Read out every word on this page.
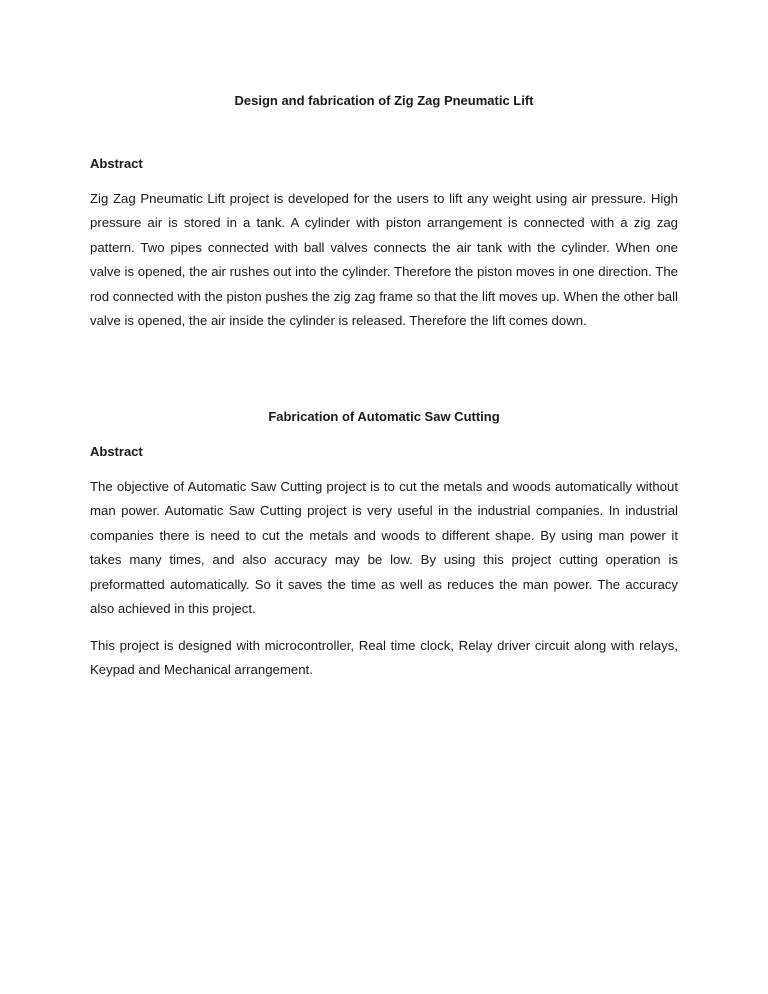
Design and fabrication of Zig Zag Pneumatic Lift

Abstract

Zig Zag Pneumatic Lift project is developed for the users to lift any weight using air pressure. High pressure air is stored in a tank. A cylinder with piston arrangement is connected with a zig zag pattern. Two pipes connected with ball valves connects the air tank with the cylinder. When one valve is opened, the air rushes out into the cylinder. Therefore the piston moves in one direction. The rod connected with the piston pushes the zig zag frame so that the lift moves up. When the other ball valve is opened, the air inside the cylinder is released. Therefore the lift comes down.

Fabrication of Automatic Saw Cutting

Abstract

The objective of Automatic Saw Cutting project is to cut the metals and woods automatically without man power. Automatic Saw Cutting project is very useful in the industrial companies. In industrial companies there is need to cut the metals and woods to different shape. By using man power it takes many times, and also accuracy may be low. By using this project cutting operation is preformatted automatically. So it saves the time as well as reduces the man power. The accuracy also achieved in this project.

This project is designed with microcontroller, Real time clock, Relay driver circuit along with relays, Keypad and Mechanical arrangement.
